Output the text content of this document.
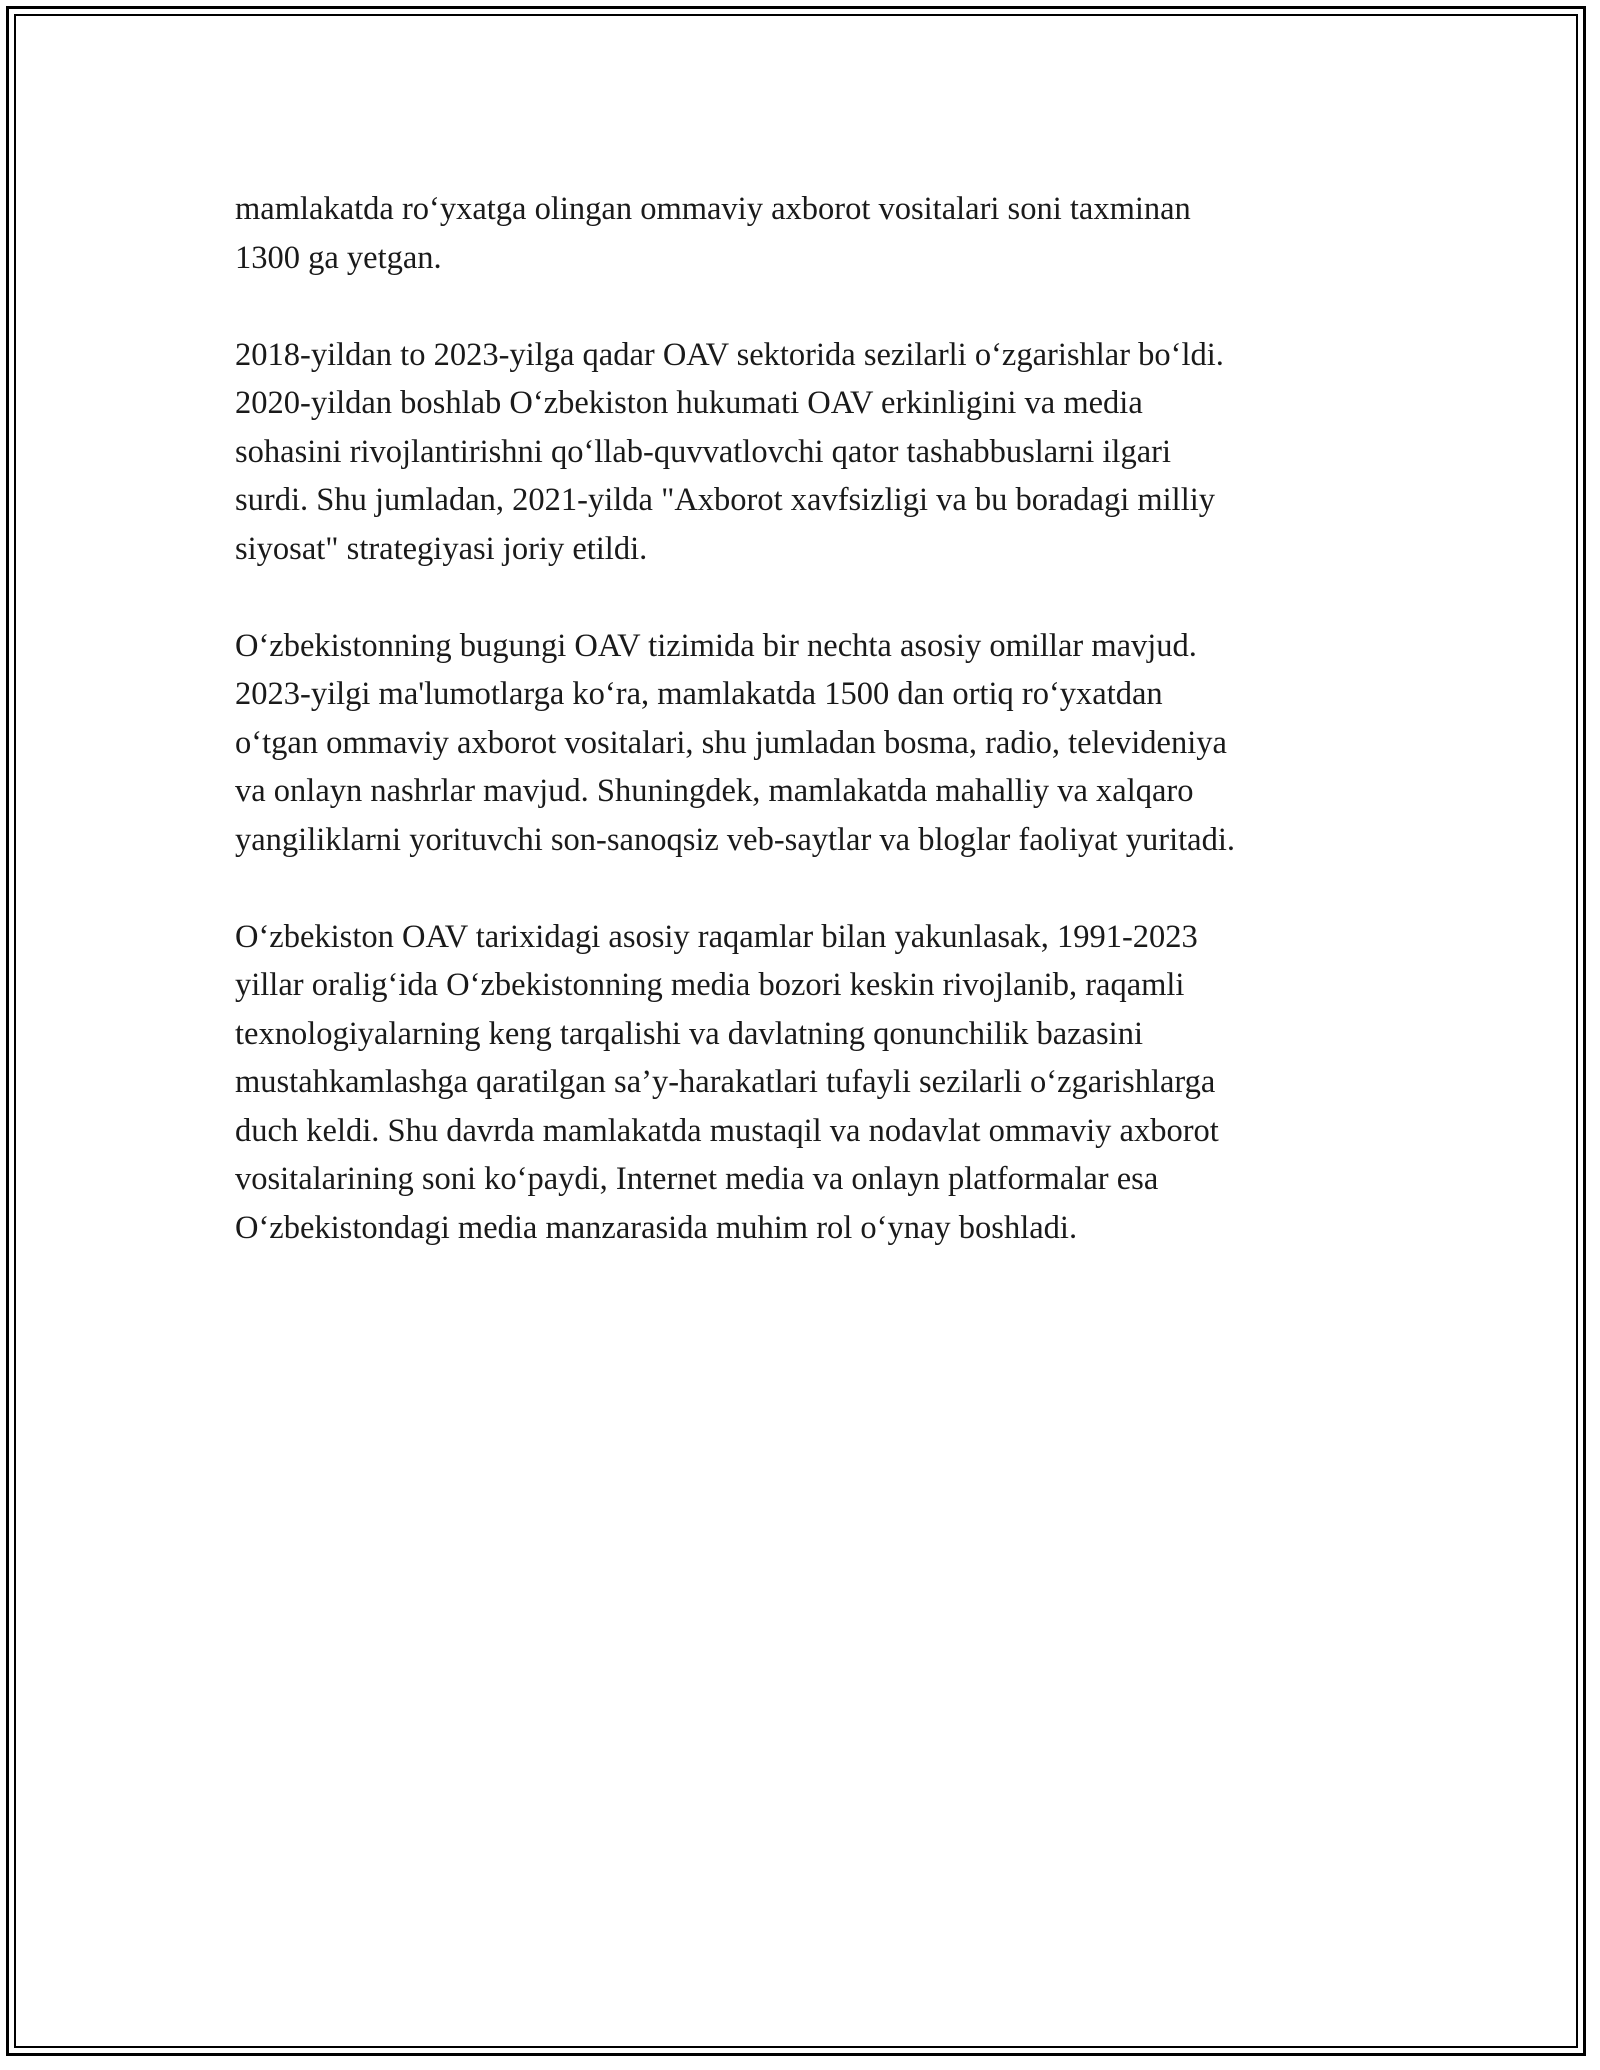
mamlakatda ro‘yxatga olingan ommaviy axborot vositalari soni taxminan
1300 ga yetgan.

2018-yildan to 2023-yilga qadar OAV sektorida sezilarli o‘zgarishlar bo‘ldi.
2020-yildan boshlab O‘zbekiston hukumati OAV erkinligini va media
sohasini rivojlantirishni qo‘llab-quvvatlovchi qator tashabbuslarni ilgari
surdi. Shu jumladan, 2021-yilda "Axborot xavfsizligi va bu boradagi milliy
siyosat" strategiyasi joriy etildi.

O‘zbekistonning bugungi OAV tizimida bir nechta asosiy omillar mavjud.
2023-yilgi ma'lumotlarga ko‘ra, mamlakatda 1500 dan ortiq ro‘yxatdan
o‘tgan ommaviy axborot vositalari, shu jumladan bosma, radio, televideniya
va onlayn nashrlar mavjud. Shuningdek, mamlakatda mahalliy va xalqaro
yangiliklarni yorituvchi son-sanoqsiz veb-saytlar va bloglar faoliyat yuritadi.

O‘zbekiston OAV tarixidagi asosiy raqamlar bilan yakunlasak, 1991-2023
yillar oralig‘ida O‘zbekistonning media bozori keskin rivojlanib, raqamli
texnologiyalarning keng tarqalishi va davlatning qonunchilik bazasini
mustahkamlashga qaratilgan sa’y-harakatlari tufayli sezilarli o‘zgarishlarga
duch keldi. Shu davrda mamlakatda mustaqil va nodavlat ommaviy axborot
vositalarining soni ko‘paydi, Internet media va onlayn platformalar esa
O‘zbekistondagi media manzarasida muhim rol o‘ynay boshladi.
